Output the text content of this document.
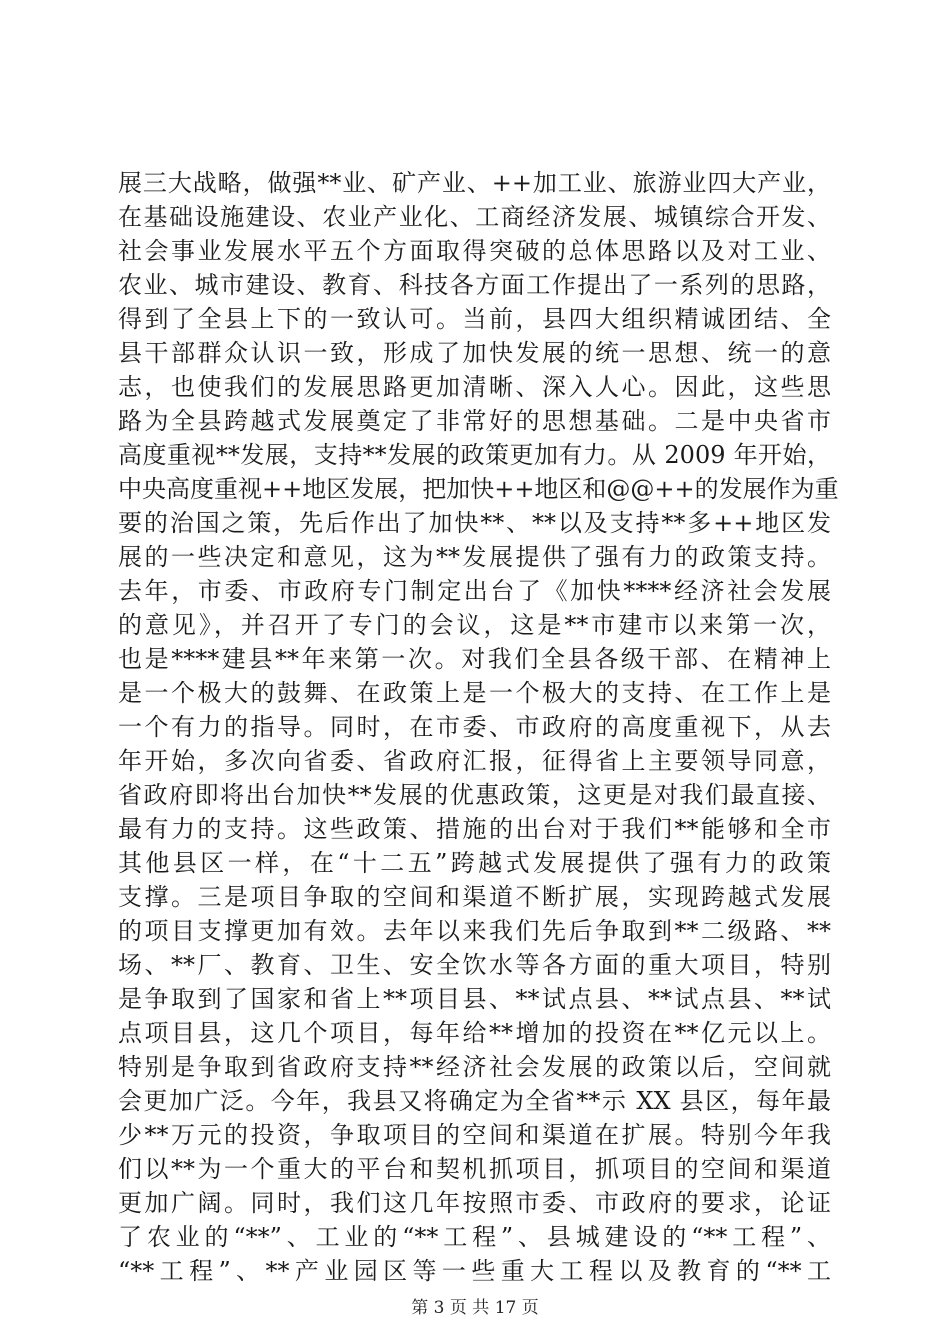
展三大战略，做强**业、矿产业、++加工业、旅游业四大产业，
在基础设施建设、农业产业化、工商经济发展、城镇综合开发、
社会事业发展水平五个方面取得突破的总体思路以及对工业、
农业、城市建设、教育、科技各方面工作提出了一系列的思路，
得到了全县上下的一致认可。当前，县四大组织精诚团结、全
县干部群众认识一致，形成了加快发展的统一思想、统一的意
志，也使我们的发展思路更加清晰、深入人心。因此，这些思
路为全县跨越式发展奠定了非常好的思想基础。二是中央省市
高度重视**发展，支持**发展的政策更加有力。从 2009 年开始，
中央高度重视++地区发展，把加快++地区和@@++的发展作为重
要的治国之策，先后作出了加快**、**以及支持**多++地区发
展的一些决定和意见，这为**发展提供了强有力的政策支持。
去年，市委、市政府专门制定出台了《加快****经济社会发展
的意见》，并召开了专门的会议，这是**市建市以来第一次，
也是****建县**年来第一次。对我们全县各级干部、在精神上
是一个极大的鼓舞、在政策上是一个极大的支持、在工作上是
一个有力的指导。同时，在市委、市政府的高度重视下，从去
年开始，多次向省委、省政府汇报，征得省上主要领导同意，
省政府即将出台加快**发展的优惠政策，这更是对我们最直接、
最有力的支持。这些政策、措施的出台对于我们**能够和全市
其他县区一样，在“十二五”跨越式发展提供了强有力的政策
支撑。三是项目争取的空间和渠道不断扩展，实现跨越式发展
的项目支撑更加有效。去年以来我们先后争取到**二级路、**
场、**厂、教育、卫生、安全饮水等各方面的重大项目，特别
是争取到了国家和省上**项目县、**试点县、**试点县、**试
点项目县，这几个项目，每年给**增加的投资在**亿元以上。
特别是争取到省政府支持**经济社会发展的政策以后，空间就
会更加广泛。今年，我县又将确定为全省**示 XX 县区，每年最
少**万元的投资，争取项目的空间和渠道在扩展。特别今年我
们以**为一个重大的平台和契机抓项目，抓项目的空间和渠道
更加广阔。同时，我们这几年按照市委、市政府的要求，论证
了农业的“**”、工业的“**工程”、县城建设的“**工程”、
“**工程”、**产业园区等一些重大工程以及教育的“**工
第 3 页 共 17 页
